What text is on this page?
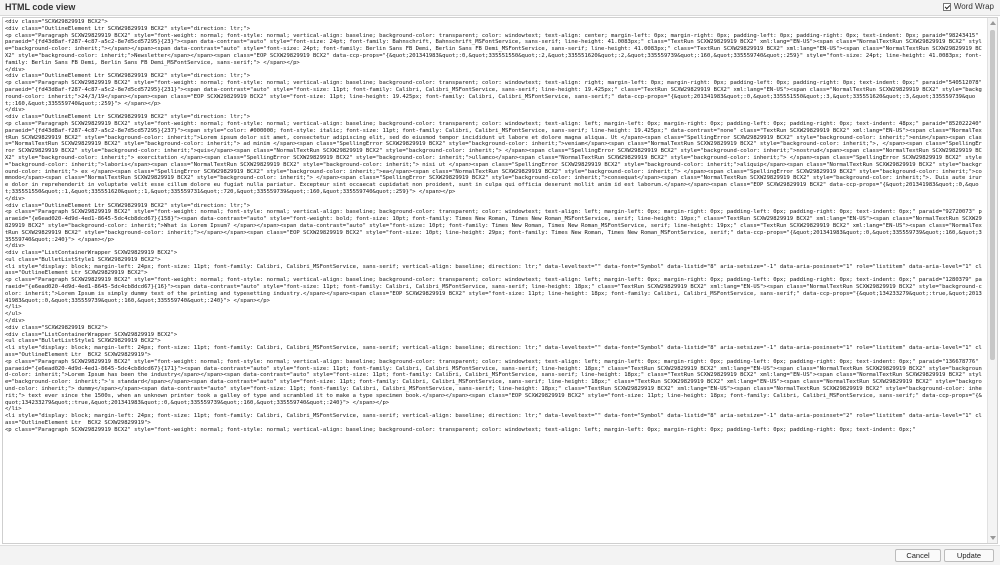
HTML code view	Word Wrap
<div class="SCXW29829919 BCX2">
<div class="OutlineElement Ltr SCXW29829919 BCX2" style="direction: ltr;">
<p class="Paragraph SCXW29829919 BCX2" style="font-weight: normal; font-style: normal; vertical-align: baseline; background-color: transparent; color: windowtext; text-align: center; margin-left: 0px; margin-right: 0px; padding-left: 0px; padding-right: 0px; text-indent: 0px; paraid="98243415" paraeid="{fd43d8af-f287-4c87-a5c2-8e7d5cd57295}{23}"><span data-contrast="auto" style="font-size: 24pt; font-family: Bahnschrift, Bahnschrift_MSFontService, sans-serif; line-height: 41.0083px;" class="TextRun SCXW29829919 BCX2" xml:lang="EN-US"><span class="NormalTextRun SCXW29829919 BCX2" style="background-color: inherit;"></span></span><span data-contrast="auto" style="font-size: 24pt; font-family: Berlin Sans FB Demi, Berlin Sans FB Demi_MSFontService, sans-serif; line-height: 41.0083px;" class="TextRun SCXW29829919 BCX2" xml:lang="EN-US"><span class="NormalTextRun SCXW29829919 BCX2" style="background-color: inherit;">Newsletter</span></span><span class="EOP SCXW29829919 BCX2" data-ccp-props="{&quot;201341983&quot;:0,&quot;335551550&quot;:2,&quot;335551620&quot;:2,&quot;335559739&quot;:160,&quot;335559740&quot;:259}" style="font-size: 24pt; line-height: 41.0083px; font-family: Berlin Sans FB Demi, Berlin Sans FB Demi_MSFontService, sans-serif;"> </span></p>
</div>
<div class="OutlineElement Ltr SCXW29829919 BCX2" style="direction: ltr;">
<p class="Paragraph SCXW29829919 BCX2" style="font-weight: normal; font-style: normal; vertical-align: baseline; background-color: transparent; color: windowtext; text-align: right; margin-left: 0px; margin-right: 0px; padding-left: 0px; padding-right: 0px; text-indent: 0px;" paraid="540512078" paraeid="{fd43d8af-f287-4c87-a5c2-8e7d5cd57295}{231}"><span data-contrast="auto" style="font-size: 11pt; font-family: Calibri, Calibri_MSFontService, sans-serif; line-height: 19.425px;" class="TextRun SCXW29829919 BCX2" xml:lang="EN-US"><span class="NormalTextRun SCXW29829919 BCX2" style="background-color: inherit;">24/3/19</span></span><span class="EOP SCXW29829919 BCX2" style="font-size: 11pt; line-height: 19.425px; font-family: Calibri, Calibri_MSFontService, sans-serif;" data-ccp-props="{&quot;201341983&quot;:0,&quot;335551550&quot;:3,&quot;335551620&quot;:3,&quot;335559739&quot;:160,&quot;335559740&quot;:259}"> </span></p>
</div>
<div class="OutlineElement Ltr SCXW29829919 BCX2" style="direction: ltr;">
<p class="Paragraph SCXW29829919 BCX2" style="font-weight: normal; font-style: normal; vertical-align: baseline; background-color: transparent; color: windowtext; text-align: left; margin-left: 0px; margin-right: 0px; padding-left: 0px; padding-right: 0px; text-indent: 48px;" paraid="852022240" paraeid="{fd43d8af-f287-4c87-a5c2-8e7d5cd57295}{237}"><span style="color: #000000; font-style: italic; font-size: 11pt; font-family: Calibri, Calibri_MSFontService, sans-serif; line-height: 19.425px;" data-contrast="none" class="TextRun SCXW29829919 BCX2" xml:lang="EN-US"><span class="NormalTextRun SCXW29829919 BCX2" style="background-color: inherit;">Lorem ipsum dolor sit amet, consectetur adipiscing elit, sed do eiusmod tempor incididunt ut labore et dolore magna aliqua. Ut </span><span class="SpellingError SCXW29829919 BCX2" style="background-color: inherit;">enim</span><span class="NormalTextRun SCXW29829919 BCX2" style="background-color: inherit;"> ad minim </span><span class="SpellingError SCXW29829919 BCX2" style="background-color: inherit;">veniam</span><span class="NormalTextRun SCXW29829919 BCX2" style="background-color: inherit;">, </span><span class="SpellingError SCXW29829919 BCX2" style="background-color: inherit;">quis</span><span class="NormalTextRun SCXW29829919 BCX2" style="background-color: inherit;"> </span><span class="SpellingError SCXW29829919 BCX2" style="background-color: inherit;">nostrud</span><span class="NormalTextRun SCXW29829919 BCX2" style="background-color: inherit;"> exercitation </span><span class="SpellingError SCXW29829919 BCX2" style="background-color: inherit;">ullamco</span><span class="NormalTextRun SCXW29829919 BCX2" style="background-color: inherit;"> </span><span class="SpellingError SCXW29829919 BCX2" style="background-color: inherit;">laboris</span><span class="NormalTextRun SCXW29829919 BCX2" style="background-color: inherit;"> nisi ut </span><span class="SpellingError SCXW29829919 BCX2" style="background-color: inherit;">aliquip</span><span class="NormalTextRun SCXW29829919 BCX2" style="background-color: inherit;"> ex </span><span class="SpellingError SCXW29829919 BCX2" style="background-color: inherit;">ea</span><span class="NormalTextRun SCXW29829919 BCX2" style="background-color: inherit;"> </span><span class="SpellingError SCXW29829919 BCX2" style="background-color: inherit;">commodo</span><span class="NormalTextRun SCXW29829919 BCX2" style="background-color: inherit;"> </span><span class="SpellingError SCXW29829919 BCX2" style="background-color: inherit;">consequat</span><span class="NormalTextRun SCXW29829919 BCX2" style="background-color: inherit;">. Duis aute irure dolor in reprehenderit in voluptate velit esse cillum dolore eu fugiat nulla pariatur. Excepteur sint occaecat cupidatat non proident, sunt in culpa qui officia deserunt mollit anim id est laborum.</span></span><span class="EOP SCXW29829919 BCX2" data-ccp-props="{&quot;201341983&quot;:0,&quot;335551550&quot;:1,&quot;335551620&quot;:1,&quot;335559731&quot;:720,&quot;335559739&quot;:160,&quot;335559740&quot;:259}"> </span></p>
</div>
<div class="OutlineElement Ltr SCXW29829919 BCX2" style="direction: ltr;">
<p class="Paragraph SCXW29829919 BCX2" style="font-weight: normal; font-style: normal; vertical-align: baseline; background-color: transparent; color: windowtext; text-align: left; margin-left: 0px; margin-right: 0px; padding-left: 0px; padding-right: 0px; text-indent: 0px;" paraid="92720073" paraeid="{e6ead020-4d9d-4ed1-8645-5dc4cb8dcd67}{158}"><span data-contrast="auto" style="font-weight: bold; font-size: 10pt; font-family: Times New Roman, Times New Roman_MSFontService, serif; line-height: 19px;" class="TextRun SCXW29829919 BCX2" xml:lang="EN-US"><span class="NormalTextRun SCXW29829919 BCX2" style="background-color: inherit;">What is Lorem Ipsum? </span></span><span data-contrast="auto" style="font-size: 10pt; font-family: Times New Roman, Times New Roman_MSFontService, serif; line-height: 19px;" class="TextRun SCXW29829919 BCX2" xml:lang="EN-US"><span class="NormalTextRun SCXW29829919 BCX2" style="background-color: inherit;"></span></span><span class="EOP SCXW29829919 BCX2" style="font-size: 10pt; line-height: 29px; font-family: Times New Roman, Times New Roman_MSFontService, serif;" data-ccp-props="{&quot;201341983&quot;:0,&quot;335559739&quot;:160,&quot;335559740&quot;:240}"> </span></p>
</div>
<div class="ListContainerWrapper SCXW29829919 BCX2">
<ul class="BulletListStyle1 SCXW29829919 BCX2">
<li style="display: block; margin-left: 24px; font-size: 11pt; font-family: Calibri, Calibri_MSFontService, sans-serif; vertical-align: baseline; direction: ltr;" data-leveltext="" data-font="Symbol" data-listid="8" aria-setsize="-1" data-aria-posinset="1" role="listitem" data-aria-level="1" class="OutlineElement Ltr SCXW29829919 BCX2">
<p class="Paragraph SCXW29829919 BCX2" style="font-weight: normal; font-style: normal; vertical-align: baseline; background-color: transparent; color: windowtext; text-align: left; margin-left: 0px; margin-right: 0px; padding-left: 0px; padding-right: 0px; text-indent: 0px;" paraid="1280379" paraeid="{e6ead020-4d9d-4ed1-8645-5dc4cb8dcd67}{16}"><span data-contrast="auto" style="font-size: 11pt; font-family: Calibri, Calibri_MSFontService, sans-serif; line-height: 18px;" class="TextRun SCXW29829919 BCX2" xml:lang="EN-US"><span class="NormalTextRun SCXW29829919 BCX2" style="background-color: inherit;">Lorem Ipsum is simply dummy text of the printing and typesetting industry.</span></span><span class="EOP SCXW29829919 BCX2" style="font-size: 11pt; line-height: 18px; font-family: Calibri, Calibri_MSFontService, sans-serif;" data-ccp-props="{&quot;134233279&quot;:true,&quot;201341983&quot;:0,&quot;335559739&quot;:160,&quot;335559740&quot;:240}"> </span></p>
</li>
</ul>
</div>
<div class="SCXW29829919 BCX2">
<div class="ListContainerWrapper SCXW29829919 BCX2">
<ul class="BulletListStyle1 SCXW29829919 BCX2">
<li style="display: block; margin-left: 24px; font-size: 11pt; font-family: Calibri, Calibri_MSFontService, sans-serif; vertical-align: baseline; direction: ltr;" data-leveltext="" data-font="Symbol" data-listid="8" aria-setsize="-1" data-aria-posinset="1" role="listitem" data-aria-level="1" class="OutlineElement Ltr  BCX2 SCXW29829919">
<p class="Paragraph SCXW29829919 BCX2" style="font-weight: normal; font-style: normal; vertical-align: baseline; background-color: transparent; color: windowtext; text-align: left; margin-left: 0px; margin-right: 0px; padding-left: 0px; padding-right: 0px; text-indent: 0px;" paraid="136678776" paraeid="{e6ead020-4d9d-4ed1-8645-5dc4cb8dcd67}{171}"><span data-contrast="auto" style="font-size: 11pt; font-family: Calibri, Calibri_MSFontService, sans-serif; line-height: 18px;" class="TextRun SCXW29829919 BCX2" xml:lang="EN-US"><span class="NormalTextRun SCXW29829919 BCX2" style="background-color: inherit;">Lorem Ipsum has been the industry</span></span><span data-contrast="auto" style="font-size: 11pt; font-family: Calibri, Calibri_MSFontService, sans-serif; line-height: 18px;" class="TextRun SCXW29829919 BCX2" xml:lang="EN-US"><span class="NormalTextRun SCXW29829919 BCX2" style="background-color: inherit;">'s standard</span></span><span data-contrast="auto" style="font-size: 11pt; font-family: Calibri, Calibri_MSFontService, sans-serif; line-height: 18px;" class="TextRun SCXW29829919 BCX2" xml:lang="EN-US"><span class="NormalTextRun SCXW29829919 BCX2" style="background-color: inherit;"> dummy</span></span><span data-contrast="auto" style="font-size: 11pt; font-family: Calibri, Calibri_MSFontService, sans-serif; line-height: 18px;" class="TextRun SCXW29829919 BCX2" xml:lang="EN-US"><span class="NormalTextRun SCXW29829919 BCX2" style="background-color: inherit;"> text ever since the 1500s, when an unknown printer took a galley of type and scrambled it to make a type specimen book.</span></span><span class="EOP SCXW29829919 BCX2" style="font-size: 11pt; line-height: 18px; font-family: Calibri, Calibri_MSFontService, sans-serif;" data-ccp-props="{&quot;134233279&quot;:true,&quot;201341983&quot;:0,&quot;335559739&quot;:160,&quot;335559740&quot;:240}"> </span></p>
</li>
<li style="display: block; margin-left: 24px; font-size: 11pt; font-family: Calibri, Calibri_MSFontService, sans-serif; vertical-align: baseline; direction: ltr;" data-leveltext="" data-font="Symbol" data-listid="8" aria-setsize="-1" data-aria-posinset="2" role="listitem" data-aria-level="1" class="OutlineElement Ltr  BCX2 SCXW29829919">
<p class="Paragraph SCXW29829919 BCX2" style="font-weight: normal; font-style: normal; vertical-align: baseline; background-color: transparent; color: windowtext; text-align: left; margin-left: 0px; margin-right: 0px; padding-left: 0px; padding-right: 0px; text-indent: 0px;"
Cancel	Update
